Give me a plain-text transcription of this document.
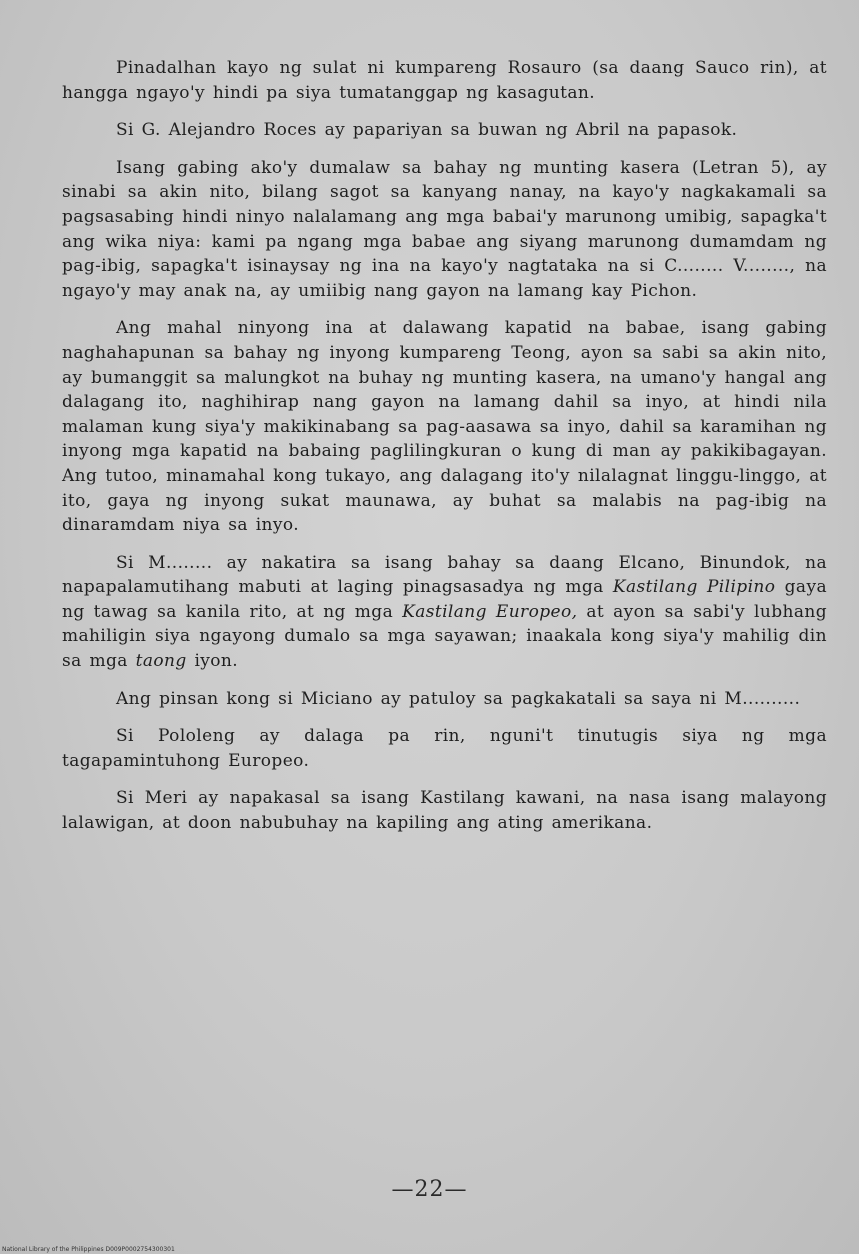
Pinadalhan kayo ng sulat ni kumpareng Rosauro (sa daang Sauco rin), at hangga ngayo'y hindi pa siya tumatanggap ng kasagutan.

Si G. Alejandro Roces ay papariyan sa buwan ng Abril na papasok.

Isang gabing ako'y dumalaw sa bahay ng munting kasera (Letran 5), ay sinabi sa akin nito, bilang sagot sa kanyang nanay, na kayo'y nagkakamali sa pagsasabing hindi ninyo nalalamang ang mga babai'y marunong umibig, sapagka't ang wika niya: kami pa ngang mga babae ang siyang marunong dumamdam ng pag-ibig, sapagka't isinaysay ng ina na kayo'y nagtataka na si C........ V........, na ngayo'y may anak na, ay umiibig nang gayon na lamang kay Pichon.

Ang mahal ninyong ina at dalawang kapatid na babae, isang gabing naghahapunan sa bahay ng inyong kumpareng Teong, ayon sa sabi sa akin nito, ay bumanggit sa malungkot na buhay ng munting kasera, na umano'y hangal ang dalagang ito, naghihirap nang gayon na lamang dahil sa inyo, at hindi nila malaman kung siya'y makikinabang sa pag-aasawa sa inyo, dahil sa karamihan ng inyong mga kapatid na babaing paglilingkuran o kung di man ay pakikibagayan. Ang tutoo, minamahal kong tukayo, ang dalagang ito'y nilalagnat linggu-linggo, at ito, gaya ng inyong sukat maunawa, ay buhat sa malabis na pag-ibig na dinaramdam niya sa inyo.

Si M........ ay nakatira sa isang bahay sa daang Elcano, Binundok, na napapalamutihang mabuti at laging pinagsasadya ng mga Kastilang Pilipino gaya ng tawag sa kanila rito, at ng mga Kastilang Europeo, at ayon sa sabi'y lubhang mahiligin siya ngayong dumalo sa mga sayawan; inaakala kong siya'y mahilig din sa mga taong iyon.

Ang pinsan kong si Miciano ay patuloy sa pagkakatali sa saya ni M..........

Si Pololeng ay dalaga pa rin, nguni't tinutugis siya ng mga tagapamintuhong Europeo.

Si Meri ay napakasal sa isang Kastilang kawani, na nasa isang malayong lalawigan, at doon nabubuhay na kapiling ang ating amerikana.

—22—
National Library of the Philippines D009P0002754300301
